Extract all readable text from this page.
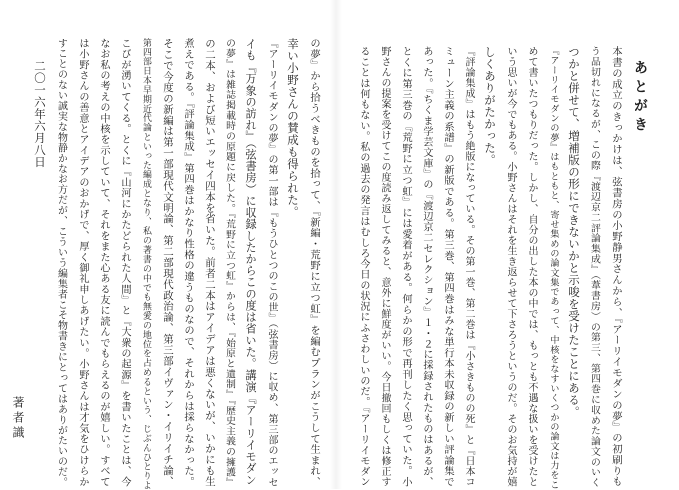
あとがき
本書の成立のきっかけは、弦書房の小野静男さんから、『アーリイモダンの夢』の初刷りも
う品切れになるが、この際『渡辺京二評論集成』（葦書房）の第三、第四巻に収めた論文のいく
つかと併せて、増補版の形にできないかと示唆を受けたことにある。
『アーリイモダンの夢』はもともと、寄せ集めの論文集であって、中核をなすいくつかの論文は力をこ
めて書いたつもりだった。しかし、自分の出した本の中では、もっとも不遇な扱いを受けたと
いう思いが今でもある。小野さんはそれを生き返らせて下さろうというのだ。そのお気持が嬉
しくありがたかった。
『評論集成』はもう絶版になっている。その第一巻、第二巻は『小さきものの死』と『日本コ
ミューン主義の系譜』の新版である。第三巻、第四巻はみな単行本未収録の新しい評論集で
あった。『ちくま学芸文庫』の『渡辺京二セレクション』１・２に採録されたものはあるが、
とくに第三巻の『荒野に立つ虹』には愛着がある。何らかの形で再刊したく思っていた。小
野さんの提案を受けてこの度読み返してみると、意外に鮮度がいい。今日撤回もしくは修正す
ることは何もない。私の過去の発言はむしろ今日の状況にふさわしいのだ。『アーリイモダン
の夢』から拾うべきものを拾って、『新編・荒野に立つ虹』を編むプランがこうして生まれ、
幸い小野さんの賛成も得られた。
『アーリイモダンの夢』の第一部は『もうひとつのこの世』（弦書房）に収め、第三部のエッセ
イも『万象の訪れ』（弦書房）に収録したからこの度は省いた。講演『アーリイモダン
の夢』は雑誌掲載時の原題に戻した。『荒野に立つ虹』からは、『始原と遺制』『歴史主義の擁護』
の二本、および短いエッセイ四本を省いた。前者二本はアイデアは悪くないが、いかにも生
煮えである。『評論集成』第四巻はかなり性格の違うものなので、それからは採らなかった。
そこで今度の新編は第一部現代文明論、第二部現代政治論、第三部イヴァン・イリイチ論、
第四部日本早期近代論といった編成となり、私の著書の中でも無愛の地位を占めるという、じぶんひとりよ
こびが湧いてくる。とくに『山河にかたどられた人間』と『大衆の起源』を書いたことは、今
なお私の考えの中核を示していて、それをまた心ある友に読んでもらえるのが嬉しい。すべて
は小野さんの善意とアイデアのおかげで、厚く御礼申しあげたい。小野さんは才気をひけらか
すことのない誠実な物静かなお方だが、こういう編集者こそ物書きにとってはありがたいのだ。
二〇一六年六月八日
著者識
